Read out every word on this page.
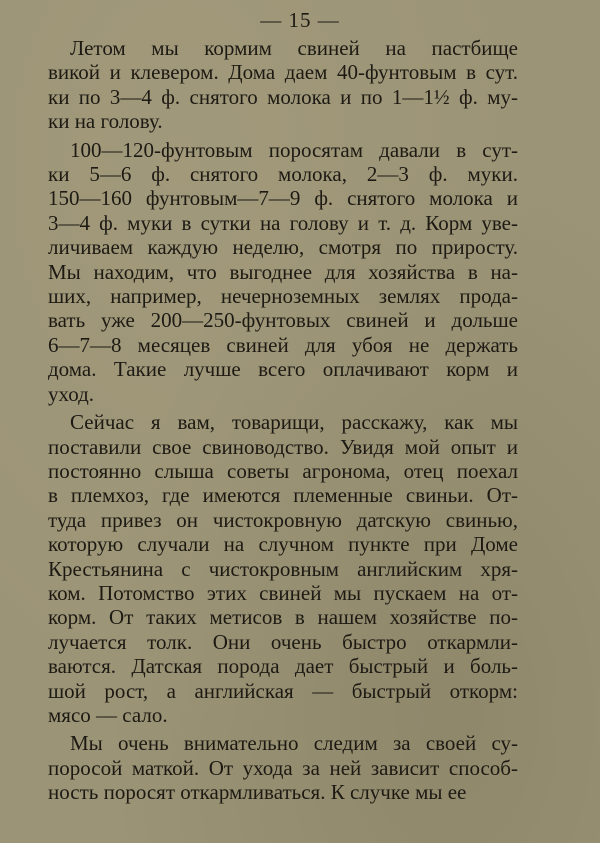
— 15 —
Летом мы кормим свиней на пастбище
викой и клевером. Дома даем 40-фунтовым в сут.
ки по 3—4 ф. снятого молока и по 1—1½ ф. му-
ки на голову.
100—120-фунтовым поросятам давали в сут-
ки 5—6 ф. снятого молока, 2—3 ф. муки.
150—160 фунтовым—7—9 ф. снятого молока и
3—4 ф. муки в сутки на голову и т. д. Корм уве-
личиваем каждую неделю, смотря по приросту.
Мы находим, что выгоднее для хозяйства в на-
ших, например, нечерноземных землях прода-
вать уже 200—250-фунтовых свиней и дольше
6—7—8 месяцев свиней для убоя не держать
дома. Такие лучше всего оплачивают корм и
уход.
Сейчас я вам, товарищи, расскажу, как мы
поставили свое свиноводство. Увидя мой опыт и
постоянно слыша советы агронома, отец поехал
в племхоз, где имеются племенные свиньи. От-
туда привез он чистокровную датскую свинью,
которую случали на случном пункте при Доме
Крестьянина с чистокровным английским хря-
ком. Потомство этих свиней мы пускаем на от-
корм. От таких метисов в нашем хозяйстве по-
лучается толк. Они очень быстро откармли-
ваются. Датская порода дает быстрый и боль-
шой рост, а английская — быстрый откорм:
мясо — сало.
Мы очень внимательно следим за своей су-
поросой маткой. От ухода за ней зависит способ-
ность поросят откармливаться. К случке мы ее
